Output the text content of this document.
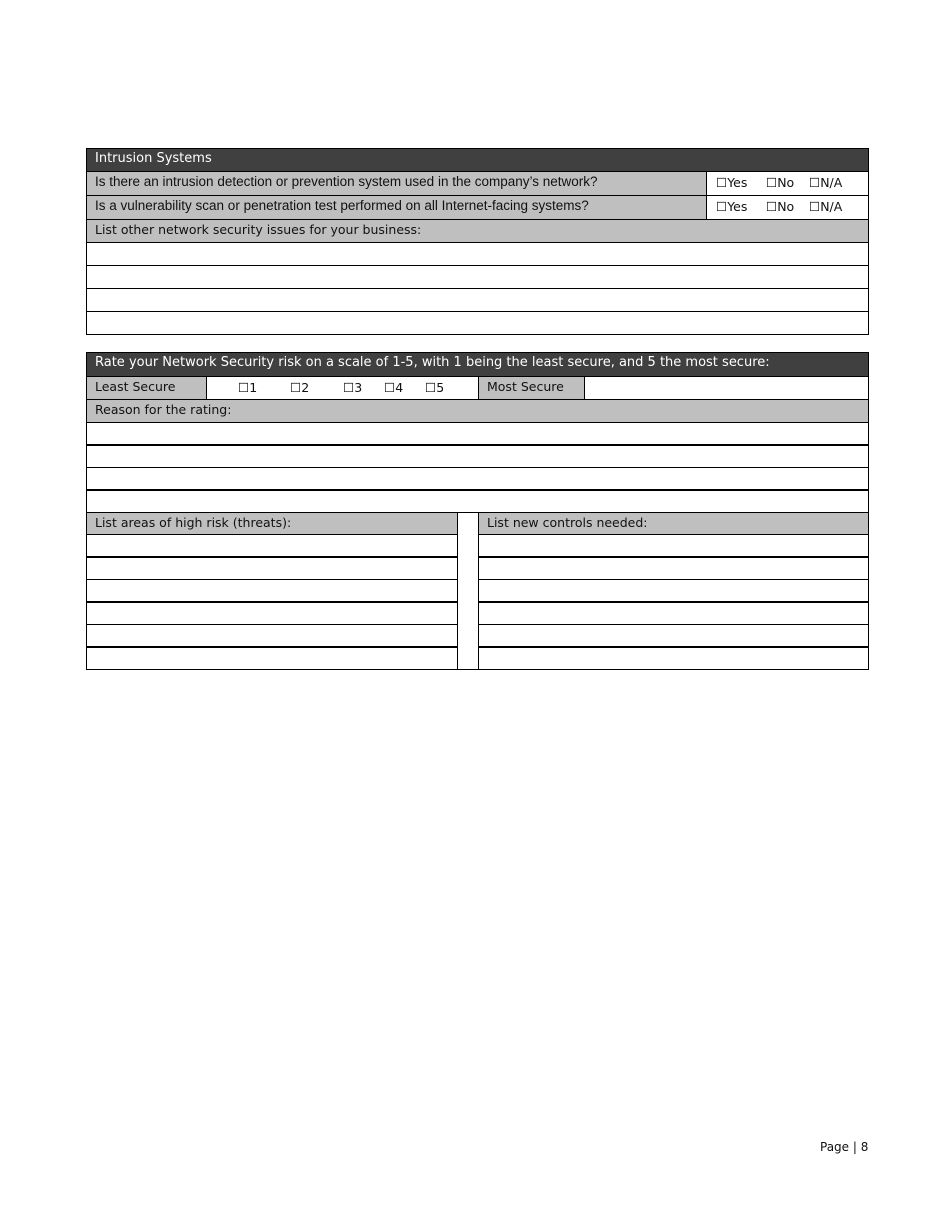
Intrusion Systems
Is there an intrusion detection or prevention system used in the company’s network?	☐Yes ☐No ☐N/A
Is a vulnerability scan or penetration test performed on all Internet-facing systems?	☐Yes ☐No ☐N/A
List other network security issues for your business:
Rate your Network Security risk on a scale of 1-5, with 1 being the least secure, and 5 the most secure:
Least Secure	☐1	☐2	☐3 ☐4 ☐5	Most Secure
Reason for the rating:
List areas of high risk (threats):	List new controls needed:
Page | 8
